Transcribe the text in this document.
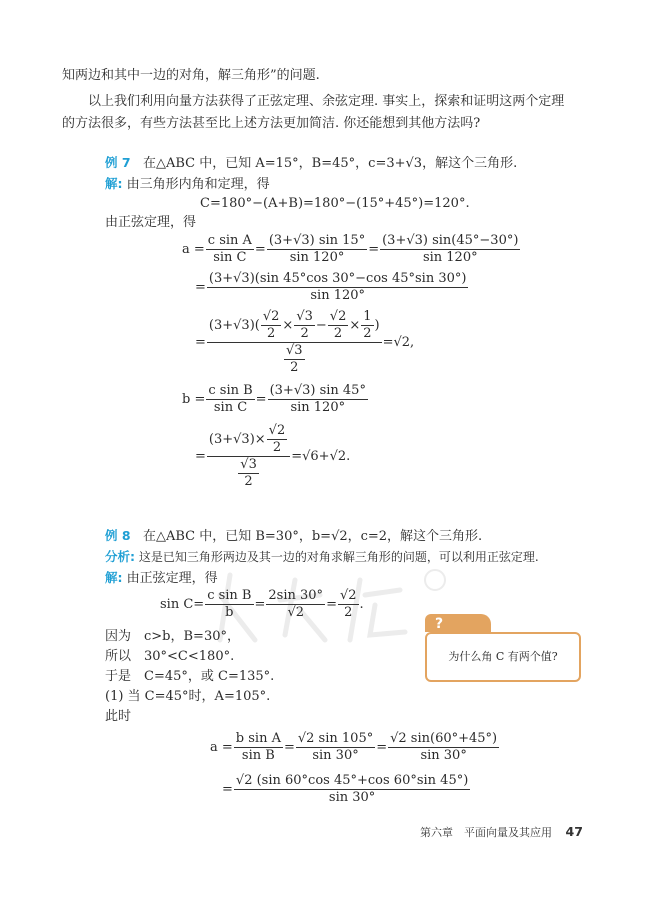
知两边和其中一边的对角，解三角形”的问题.
以上我们利用向量方法获得了正弦定理、余弦定理. 事实上，探索和证明这两个定理
的方法很多，有些方法甚至比上述方法更加简洁. 你还能想到其他方法吗?
例 7 在△ABC 中，已知 A=15°，B=45°，c=3+√3，解这个三角形.
解: 由三角形内角和定理，得
C=180°−(A+B)=180°−(15°+45°)=120°.
由正弦定理，得
$a = \frac{\text{c sin A}}{\text{sin C}} = \frac{(3+√3) \sin 15^\circ}{\sin 120^\circ} = \frac{(3+√3) \sin(45^\circ-30^\circ)}{\sin 120^\circ}$
= $\frac{(3+√3)(\sin 45^\circ\cos 30^\circ-\cos 45^\circ\sin 30^\circ)}{\sin 120^\circ}$
= $\frac{(3+√3)( \frac{√2}{2} \times \frac{√3}{2} - \frac{√2}{2} \times \frac{1}{2} )}{\frac{√3}{2}} =√2$,
$b = \frac{\text{c sin B}}{\text{sin C}} = \frac{(3+√3) \sin 45^\circ}{\sin 120^\circ}$
= $\frac{(3+√3)\times \frac{√2}{2}}{\frac{√3}{2}} =√6+√2$.
例 8 在△ABC 中，已知 B=30°，b=√2，c=2，解这个三角形.
分析: 这是已知三角形两边及其一边的对角求解三角形的问题，可以利用正弦定理.
解: 由正弦定理，得
$\sin C= \frac{\text{c sin B}}{b} = \frac{2\sin 30^\circ}{√2} = \frac{√2}{2}$ .
因为　c>b，B=30°，
所以　30°<C<180°.
于是　C=45°，或 C=135°.
(1) 当 C=45°时，A=105°.
此时
$a = \frac{\text{b sin A}}{\text{sin B}} = \frac{√2 \sin 105^\circ}{\sin 30^\circ} = \frac{√2 \sin(60^\circ+45^\circ)}{\sin 30^\circ}$
= $\frac{√2 (\sin 60^\circ\cos 45^\circ+\cos 60^\circ\sin 45^\circ)}{\sin 30^\circ}$
?
为什么角 C 有两个值?
第六章　平面向量及其应用 47
